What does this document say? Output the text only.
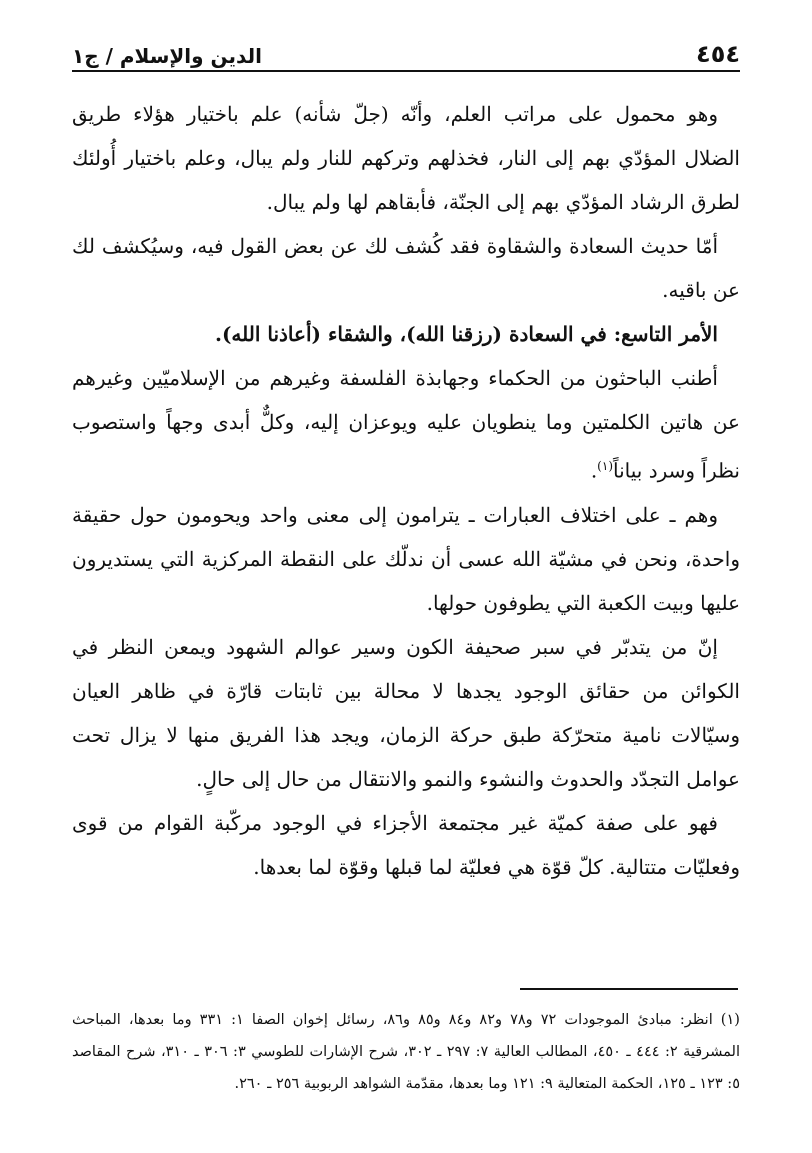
٤٥٤
الدين والإسلام / ج١

وهو محمول على مراتب العلم، وأنّه (جلّ شأنه) علم باختيار هؤلاء طريق الضلال المؤدّي بهم إلى النار، فخذلهم وتركهم للنار ولم يبال، وعلم باختيار أُولئك لطرق الرشاد المؤدّي بهم إلى الجنّة، فأبقاهم لها ولم يبال.

أمّا حديث السعادة والشقاوة فقد كُشف لك عن بعض القول فيه، وسيُكشف لك عن باقيه.

الأمر التاسع: في السعادة (رزقنا الله)، والشقاء (أعاذنا الله).

أطنب الباحثون من الحكماء وجهابذة الفلسفة وغيرهم من الإسلاميّين وغيرهم عن هاتين الكلمتين وما ينطويان عليه ويوعزان إليه، وكلٌّ أبدى وجهاً واستصوب نظراً وسرد بياناً$^{(١)}$.

وهم ـ على اختلاف العبارات ـ يترامون إلى معنى واحد ويحومون حول حقيقة واحدة، ونحن في مشيّة الله عسى أن ندلّك على النقطة المركزية التي يستديرون عليها وبيت الكعبة التي يطوفون حولها.

إنّ من يتدبّر في سبر صحيفة الكون وسير عوالم الشهود ويمعن النظر في الكوائن من حقائق الوجود يجدها لا محالة بين ثابتات قارّة في ظاهر العيان وسيّالات نامية متحرّكة طبق حركة الزمان، ويجد هذا الفريق منها لا يزال تحت عوامل التجدّد والحدوث والنشوء والنمو والانتقال من حال إلى حالٍ.

فهو على صفة كميّة غير مجتمعة الأجزاء في الوجود مركّبة القوام من قوى وفعليّات متتالية. كلّ قوّة هي فعليّة لما قبلها وقوّة لما بعدها.

(١) انظر: مبادئ الموجودات ٧٢ و٧٨ و٨٢ و٨٤ و٨٥ و٨٦، رسائل إخوان الصفا ١: ٣٣١ وما بعدها، المباحث المشرقية ٢: ٤٤٤ ـ ٤٥٠، المطالب العالية ٧: ٢٩٧ ـ ٣٠٢، شرح الإشارات للطوسي ٣: ٣٠٦ ـ ٣١٠، شرح المقاصد ٥: ١٢٣ ـ ١٢٥، الحكمة المتعالية ٩: ١٢١ وما بعدها، مقدّمة الشواهد الربوبية ٢٥٦ ـ ٢٦٠.
